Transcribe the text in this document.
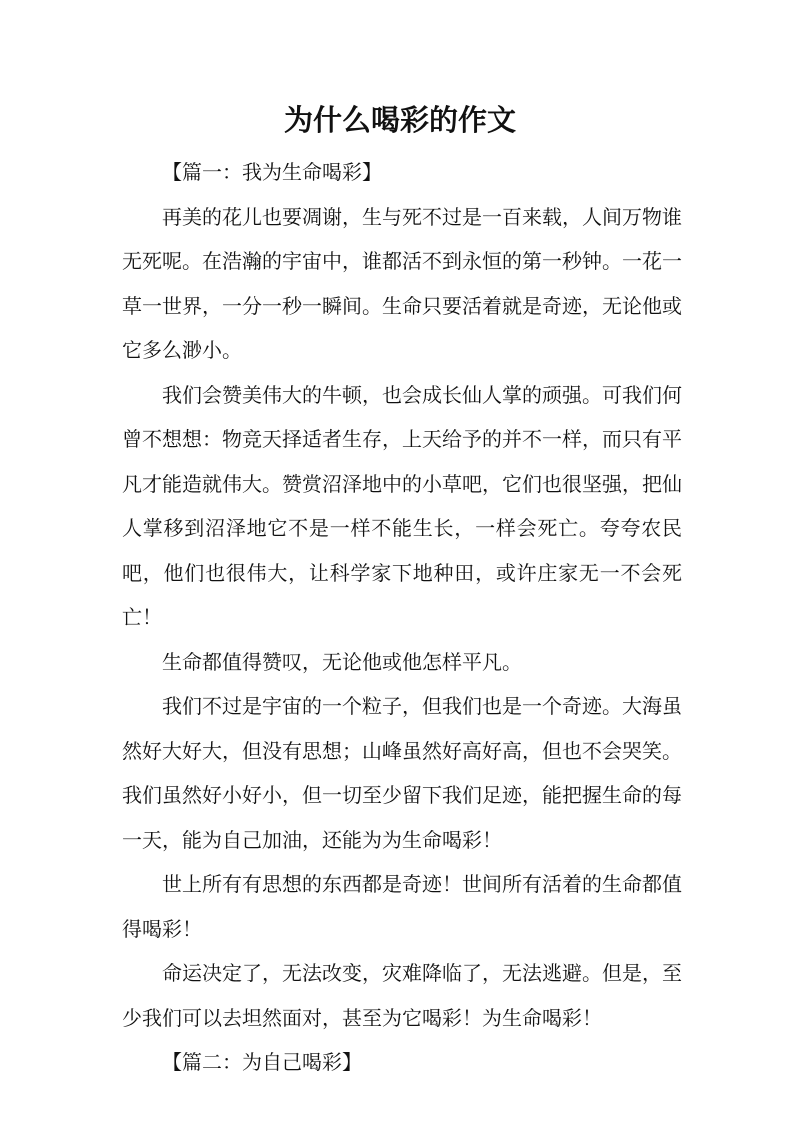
为什么喝彩的作文

【篇一：我为生命喝彩】

再美的花儿也要凋谢，生与死不过是一百来载，人间万物谁无死呢。在浩瀚的宇宙中，谁都活不到永恒的第一秒钟。一花一草一世界，一分一秒一瞬间。生命只要活着就是奇迹，无论他或它多么渺小。

我们会赞美伟大的牛顿，也会成长仙人掌的顽强。可我们何曾不想想：物竞天择适者生存，上天给予的并不一样，而只有平凡才能造就伟大。赞赏沼泽地中的小草吧，它们也很坚强，把仙人掌移到沼泽地它不是一样不能生长，一样会死亡。夸夸农民吧，他们也很伟大，让科学家下地种田，或许庄家无一不会死亡！

生命都值得赞叹，无论他或他怎样平凡。

我们不过是宇宙的一个粒子，但我们也是一个奇迹。大海虽然好大好大，但没有思想；山峰虽然好高好高，但也不会哭笑。我们虽然好小好小，但一切至少留下我们足迹，能把握生命的每一天，能为自己加油，还能为为生命喝彩！

世上所有有思想的东西都是奇迹！世间所有活着的生命都值得喝彩！

命运决定了，无法改变，灾难降临了，无法逃避。但是，至少我们可以去坦然面对，甚至为它喝彩！为生命喝彩！

【篇二：为自己喝彩】
